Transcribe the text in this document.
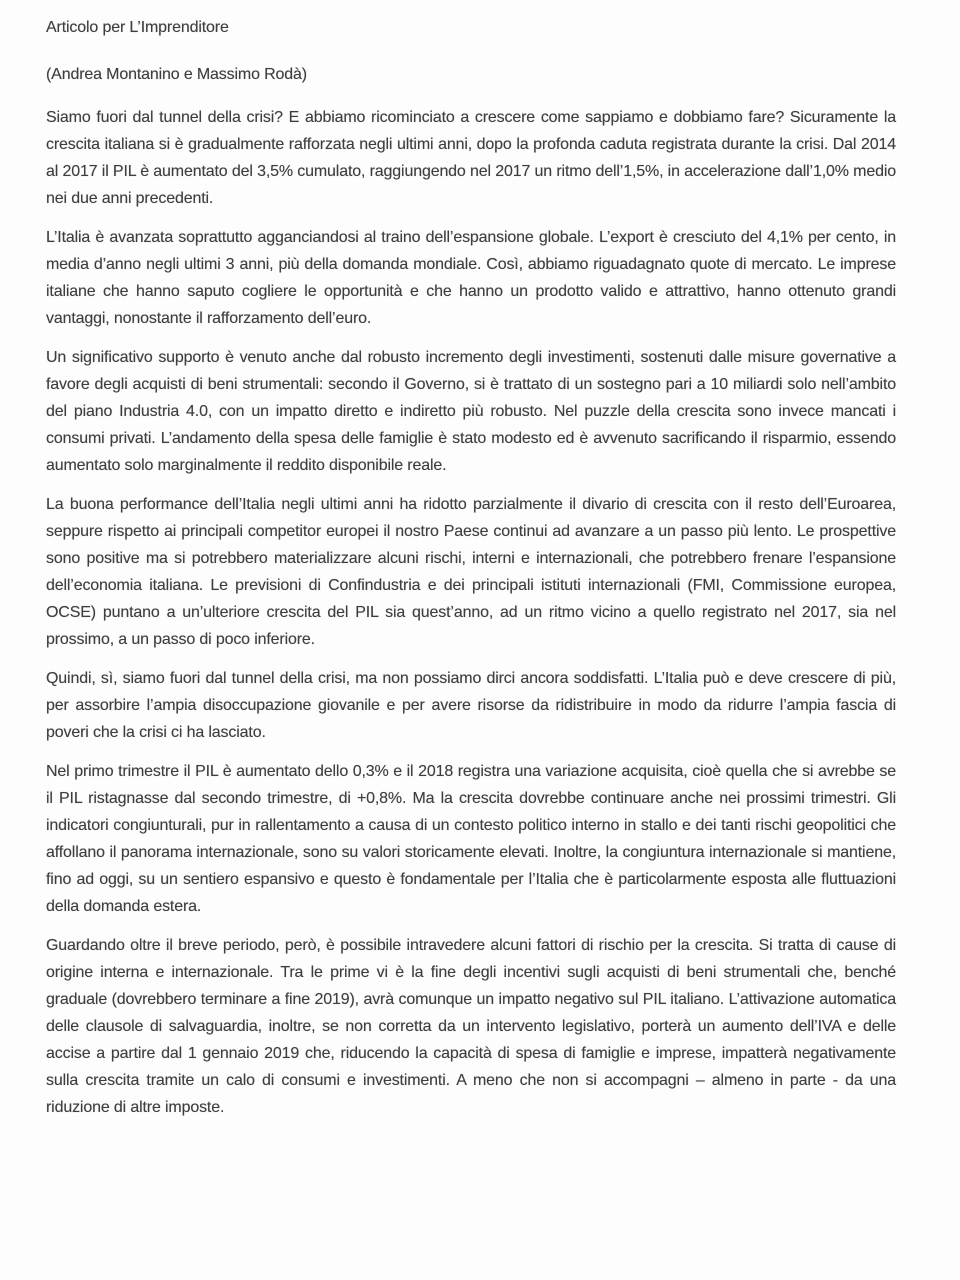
Articolo per L’Imprenditore

(Andrea Montanino e Massimo Rodà)

Siamo fuori dal tunnel della crisi? E abbiamo ricominciato a crescere come sappiamo e dobbiamo fare? Sicuramente la crescita italiana si è gradualmente rafforzata negli ultimi anni, dopo la profonda caduta registrata durante la crisi. Dal 2014 al 2017 il PIL è aumentato del 3,5% cumulato, raggiungendo nel 2017 un ritmo dell’1,5%, in accelerazione dall’1,0% medio nei due anni precedenti.

L’Italia è avanzata soprattutto agganciandosi al traino dell’espansione globale. L’export è cresciuto del 4,1% per cento, in media d’anno negli ultimi 3 anni, più della domanda mondiale. Così, abbiamo riguadagnato quote di mercato. Le imprese italiane che hanno saputo cogliere le opportunità e che hanno un prodotto valido e attrattivo, hanno ottenuto grandi vantaggi, nonostante il rafforzamento dell’euro.

Un significativo supporto è venuto anche dal robusto incremento degli investimenti, sostenuti dalle misure governative a favore degli acquisti di beni strumentali: secondo il Governo, si è trattato di un sostegno pari a 10 miliardi solo nell’ambito del piano Industria 4.0, con un impatto diretto e indiretto più robusto. Nel puzzle della crescita sono invece mancati i consumi privati. L’andamento della spesa delle famiglie è stato modesto ed è avvenuto sacrificando il risparmio, essendo aumentato solo marginalmente il reddito disponibile reale.

La buona performance dell’Italia negli ultimi anni ha ridotto parzialmente il divario di crescita con il resto dell’Euroarea, seppure rispetto ai principali competitor europei il nostro Paese continui ad avanzare a un passo più lento. Le prospettive sono positive ma si potrebbero materializzare alcuni rischi, interni e internazionali, che potrebbero frenare l’espansione dell’economia italiana. Le previsioni di Confindustria e dei principali istituti internazionali (FMI, Commissione europea, OCSE) puntano a un’ulteriore crescita del PIL sia quest’anno, ad un ritmo vicino a quello registrato nel 2017, sia nel prossimo, a un passo di poco inferiore.

Quindi, sì, siamo fuori dal tunnel della crisi, ma non possiamo dirci ancora soddisfatti. L’Italia può e deve crescere di più, per assorbire l’ampia disoccupazione giovanile e per avere risorse da ridistribuire in modo da ridurre l’ampia fascia di poveri che la crisi ci ha lasciato.

Nel primo trimestre il PIL è aumentato dello 0,3% e il 2018 registra una variazione acquisita, cioè quella che si avrebbe se il PIL ristagnasse dal secondo trimestre, di +0,8%. Ma la crescita dovrebbe continuare anche nei prossimi trimestri. Gli indicatori congiunturali, pur in rallentamento a causa di un contesto politico interno in stallo e dei tanti rischi geopolitici che affollano il panorama internazionale, sono su valori storicamente elevati. Inoltre, la congiuntura internazionale si mantiene, fino ad oggi, su un sentiero espansivo e questo è fondamentale per l’Italia che è particolarmente esposta alle fluttuazioni della domanda estera.

Guardando oltre il breve periodo, però, è possibile intravedere alcuni fattori di rischio per la crescita. Si tratta di cause di origine interna e internazionale. Tra le prime vi è la fine degli incentivi sugli acquisti di beni strumentali che, benché graduale (dovrebbero terminare a fine 2019), avrà comunque un impatto negativo sul PIL italiano. L’attivazione automatica delle clausole di salvaguardia, inoltre, se non corretta da un intervento legislativo, porterà un aumento dell’IVA e delle accise a partire dal 1 gennaio 2019 che, riducendo la capacità di spesa di famiglie e imprese, impatterà negativamente sulla crescita tramite un calo di consumi e investimenti. A meno che non si accompagni – almeno in parte - da una riduzione di altre imposte.
